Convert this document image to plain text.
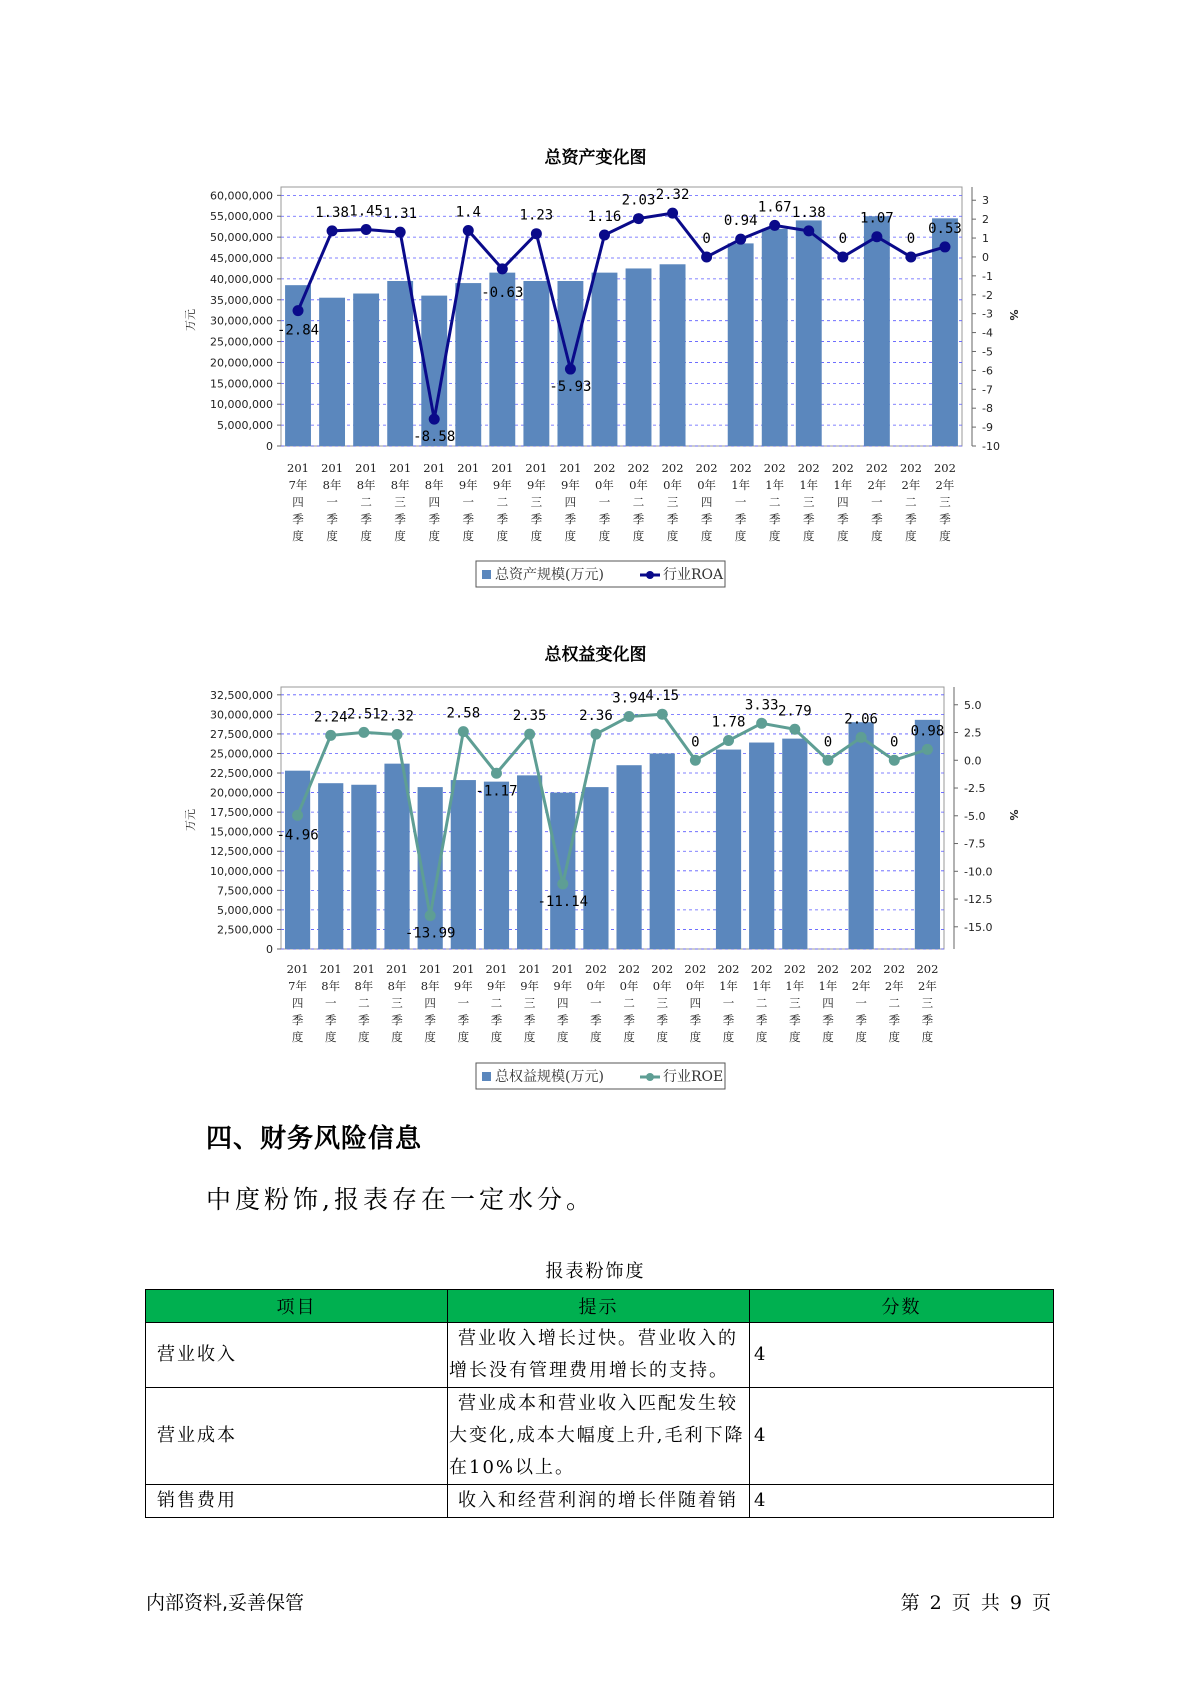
总资产变化图
0
5,000,000
10,000,000
15,000,000
20,000,000
25,000,000
30,000,000
35,000,000
40,000,000
45,000,000
50,000,000
55,000,000
60,000,000	3
2
1
0
-1
-2
-3
-4
-5
-6
-7
-8
-9
-10
万元	%
-2.84
1.38 1.45 1.31
-8.58
1.4
-0.63
1.23
-5.93
1.16
2.03 2.32
0
0.94
1.67 1.38
0
1.07
0
0.53
201
7年
四
季
度
201
8年
一
季
度
201
8年
二
季
度
201
8年
三
季
度
201
8年
四
季
度
201
9年
一
季
度
201
9年
二
季
度
201
9年
三
季
度
201
9年
四
季
度
202
0年
一
季
度
202
0年
二
季
度
202
0年
三
季
度
202
0年
四
季
度
202
1年
一
季
度
202
1年
二
季
度
202
1年
三
季
度
202
1年
四
季
度
202
2年
一
季
度
202
2年
二
季
度
202
2年
三
季
度
总资产规模(万元)	行业ROA
总权益变化图
0
2,500,000
5,000,000
7,500,000
10,000,000
12,500,000
15,000,000
17,500,000
20,000,000
22,500,000
25,000,000
27,500,000
30,000,000
32,500,000
5.0
2.5
0.0
-2.5
-5.0
-7.5
-10.0
-12.5
-15.0
万元	%
-4.96
2.24 2.51 2.32
-13.99
2.58
-1.17
2.35
-11.14
2.36
3.94 4.15
0
1.78
3.33 2.79
0
2.06
0
0.98
201
7年
四
季
度
201
8年
一
季
度
201
8年
二
季
度
201
8年
三
季
度
201
8年
四
季
度
201
9年
一
季
度
201
9年
二
季
度
201
9年
三
季
度
201
9年
四
季
度
202
0年
一
季
度
202
0年
二
季
度
202
0年
三
季
度
202
0年
四
季
度
202
1年
一
季
度
202
1年
二
季
度
202
1年
三
季
度
202
1年
四
季
度
202
2年
一
季
度
202
2年
二
季
度
202
2年
三
季
度
总权益规模(万元)	行业ROE
四、财务风险信息
中度粉饰,报表存在一定水分。
报表粉饰度
项目	提示	分数
营业收入	营业收入增长过快。营业收入的增长没有管理费用增长的支持。	4
营业成本	营业成本和营业收入匹配发生较大变化,成本大幅度上升,毛利下降在10%以上。	4
销售费用	收入和经营利润的增长伴随着销	4
内部资料,妥善保管	第 2 页 共 9 页
